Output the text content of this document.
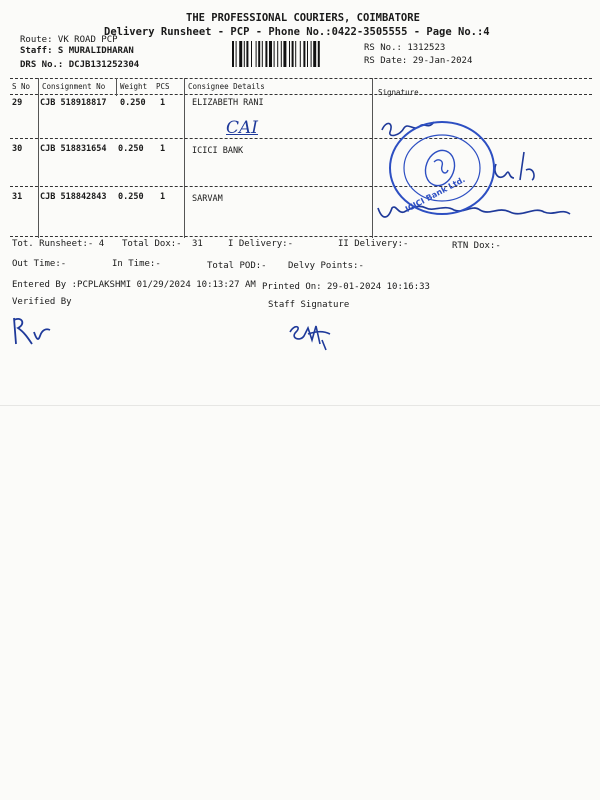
THE PROFESSIONAL COURIERS, COIMBATORE
Delivery Runsheet - PCP - Phone No.:0422-3505555 - Page No.:4
Route: VK ROAD PCP
Staff: S MURALIDHARAN
DRS No.: DCJB131252304
RS No.: 1312523
RS Date: 29-Jan-2024
S No Consignment No Weight PCS Consignee Details
Signature
29 CJB 518918817 0.250 1	ELIZABETH RANI
30 CJB 518831654 0.250 1	ICICI BANK
31 CJB 518842843 0.250 1	SARVAM
CAI
ICICI Bank Ltd.
Tot. Runsheet:- 4 Total Dox:- 31	I Delivery:-	II Delivery:-	RTN Dox:-
Out Time:-	In Time:-	Total POD:- Delvy Points:-
Entered By :PCPLAKSHMI 01/29/2024 10:13:27 AM Printed On: 29-01-2024 10:16:33
Verified By	Staff Signature
